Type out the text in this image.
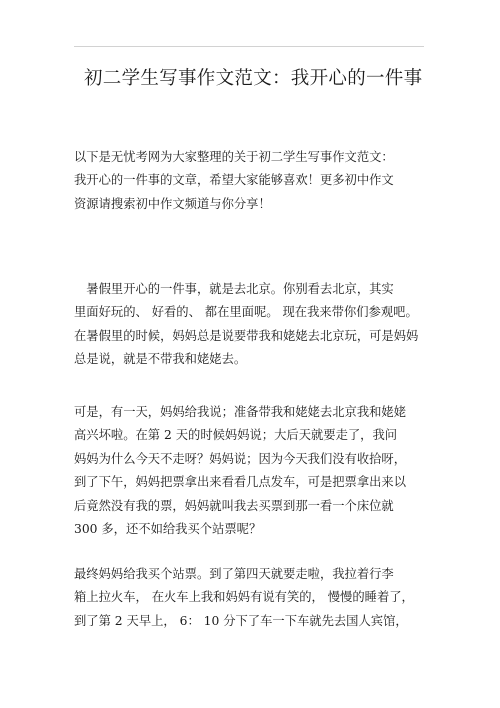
初二学生写事作文范文：我开心的一件事
以下是无忧考网为大家整理的关于初二学生写事作文范文：
我开心的一件事的文章，希望大家能够喜欢！更多初中作文
资源请搜索初中作文频道与你分享！
　暑假里开心的一件事，就是去北京。你别看去北京，其实
里面好玩的、 好看的、 都在里面呢。 现在我来带你们参观吧。
在暑假里的时候，妈妈总是说要带我和姥姥去北京玩，可是妈妈
总是说，就是不带我和姥姥去。
可是，有一天，妈妈给我说；准备带我和姥姥去北京我和姥姥
高兴坏啦。在第 2 天的时候妈妈说；大后天就要走了，我问
妈妈为什么今天不走呀？妈妈说；因为今天我们没有收拾呀，
到了下午，妈妈把票拿出来看看几点发车，可是把票拿出来以
后竟然没有我的票，妈妈就叫我去买票到那一看一个床位就
300 多，还不如给我买个站票呢？
最终妈妈给我买个站票。到了第四天就要走啦，我拉着行李
箱上拉火车， 在火车上我和妈妈有说有笑的， 慢慢的睡着了，
到了第 2 天早上， 6： 10 分下了车一下车就先去国人宾馆，
